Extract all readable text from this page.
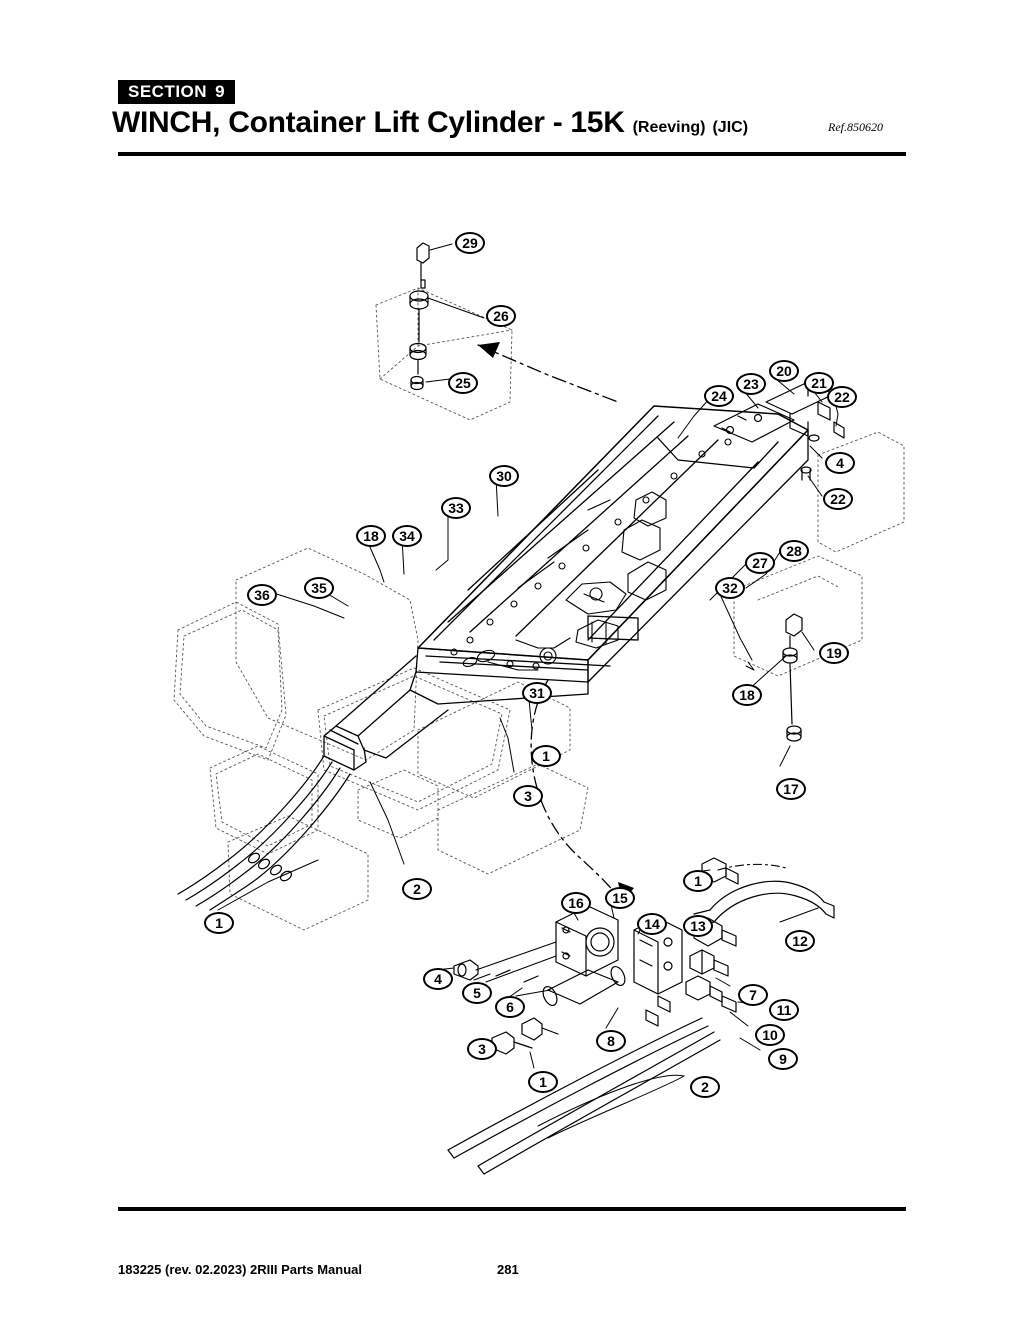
SECTION 9
WINCH, Container Lift Cylinder - 15K (Reeving) (JIC)	Ref.850620
29
26
25
20
21
22
23
24
4
22
30
33
18	34
28
27
32
36	35
19
18
31
17
1
3
2
1
1
12
16	15
14	13
4
5
6
7
11
10
9
8
3
1	2
183225 (rev. 02.2023) 2RIII Parts Manual	281
